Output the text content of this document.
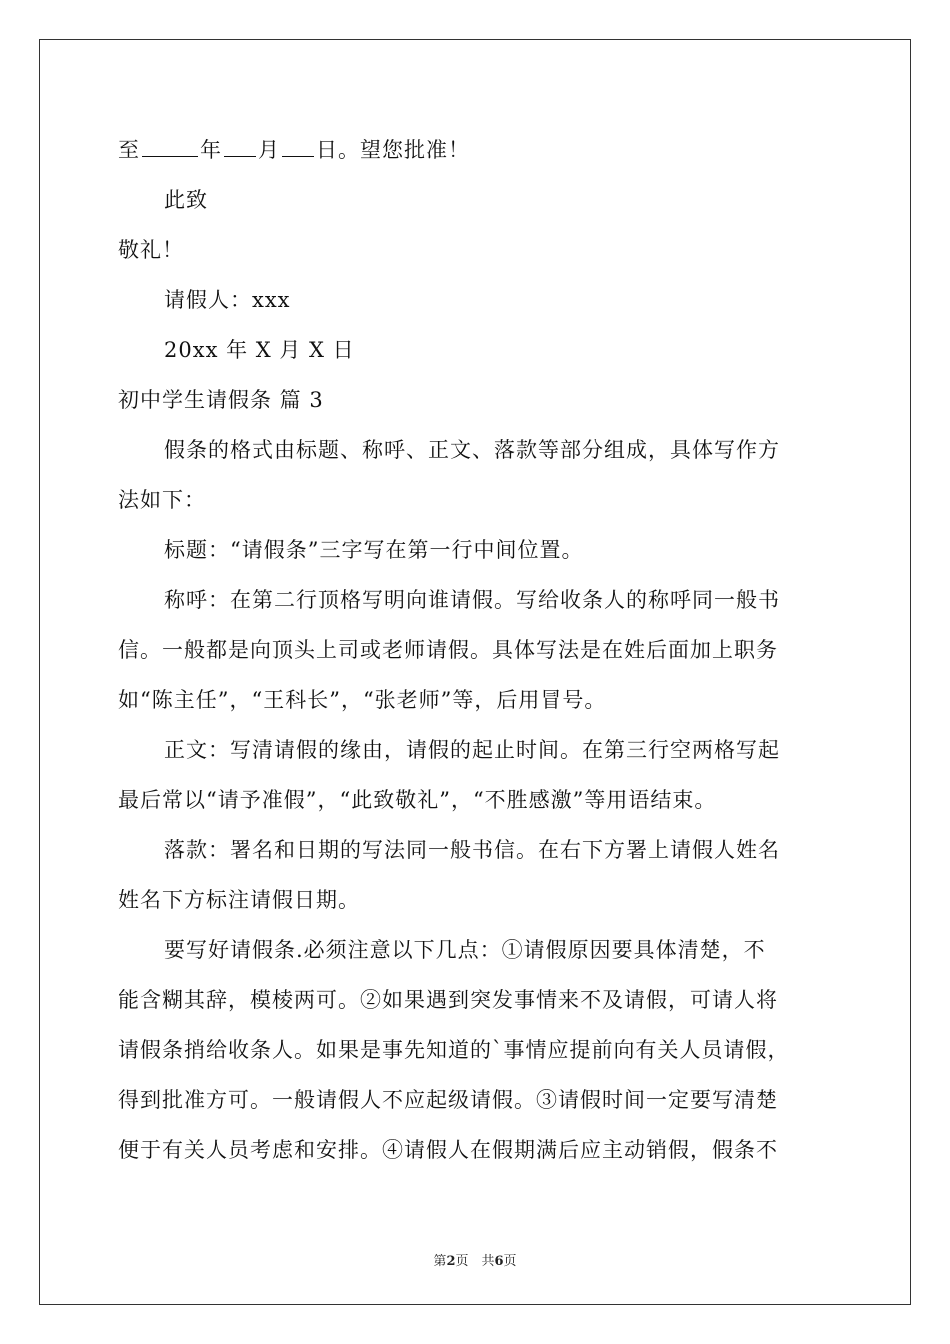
至	年 月 日。望您批准！
此致
敬礼！
请假人：xxx
20xx 年 X 月 X 日
初中学生请假条 篇 3
假条的格式由标题、称呼、正文、落款等部分组成，具体写作方
法如下：
标题：“请假条”三字写在第一行中间位置。
称呼：在第二行顶格写明向谁请假。写给收条人的称呼同一般书
信。一般都是向顶头上司或老师请假。具体写法是在姓后面加上职务
如“陈主任”，“王科长”，“张老师”等，后用冒号。
正文：写清请假的缘由，请假的起止时间。在第三行空两格写起
最后常以“请予准假”，“此致敬礼”，“不胜感激”等用语结束。
落款：署名和日期的写法同一般书信。在右下方署上请假人姓名
姓名下方标注请假日期。
要写好请假条.必须注意以下几点：①请假原因要具体清楚，不
能含糊其辞，模棱两可。②如果遇到突发事情来不及请假，可请人将
请假条捎给收条人。如果是事先知道的`事情应提前向有关人员请假，
得到批准方可。一般请假人不应起级请假。③请假时间一定要写清楚
便于有关人员考虑和安排。④请假人在假期满后应主动销假，假条不
第2页　共6页
